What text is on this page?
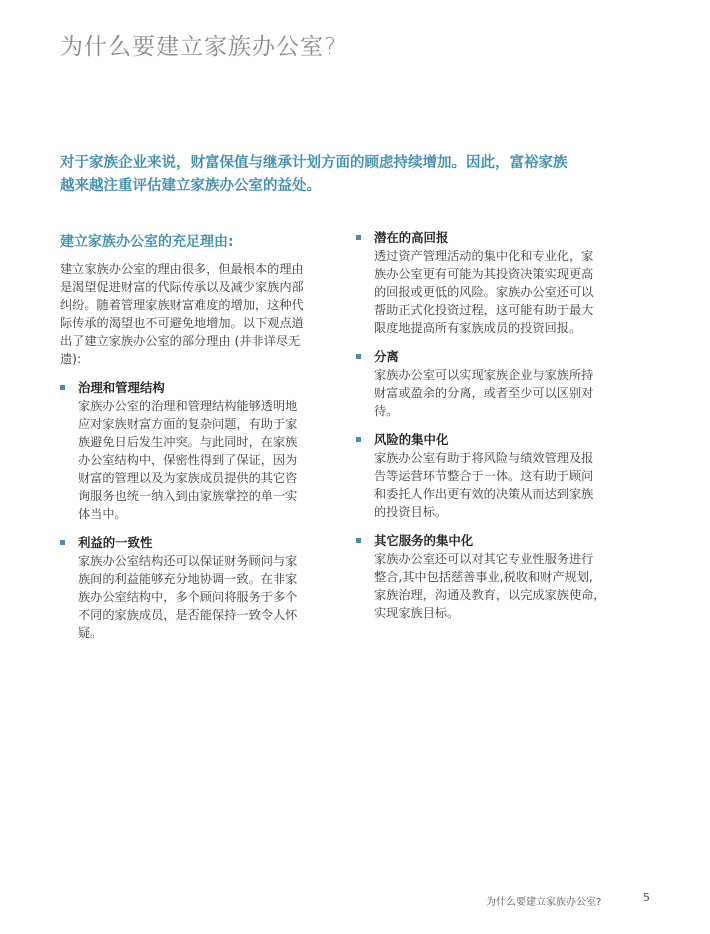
为什么要建立家族办公室?
对于家族企业来说，财富保值与继承计划方面的顾虑持续增加。因此，富裕家族
越来越注重评估建立家族办公室的益处。
建立家族办公室的充足理由:
建立家族办公室的理由很多，但最根本的理由
是渴望促进财富的代际传承以及减少家族内部
纠纷。随着管理家族财富难度的增加，这种代
际传承的渴望也不可避免地增加。以下观点道
出了建立家族办公室的部分理由 (并非详尽无
遗):
治理和管理结构
家族办公室的治理和管理结构能够透明地
应对家族财富方面的复杂问题，有助于家
族避免日后发生冲突。与此同时，在家族
办公室结构中，保密性得到了保证，因为
财富的管理以及为家族成员提供的其它咨
询服务也统一纳入到由家族掌控的单一实
体当中。
利益的一致性
家族办公室结构还可以保证财务顾问与家
族间的利益能够充分地协调一致。在非家
族办公室结构中，多个顾问将服务于多个
不同的家族成员，是否能保持一致令人怀
疑。
潜在的高回报
透过资产管理活动的集中化和专业化，家
族办公室更有可能为其投资决策实现更高
的回报或更低的风险。家族办公室还可以
帮助正式化投资过程，这可能有助于最大
限度地提高所有家族成员的投资回报。
分离
家族办公室可以实现家族企业与家族所持
财富或盈余的分离，或者至少可以区别对
待。
风险的集中化
家族办公室有助于将风险与绩效管理及报
告等运营环节整合于一体。这有助于顾问
和委托人作出更有效的决策从而达到家族
的投资目标。
其它服务的集中化
家族办公室还可以对其它专业性服务进行
整合,其中包括慈善事业,税收和财产规划,
家族治理，沟通及教育，以完成家族使命，
实现家族目标。
为什么要建立家族办公室?	5
